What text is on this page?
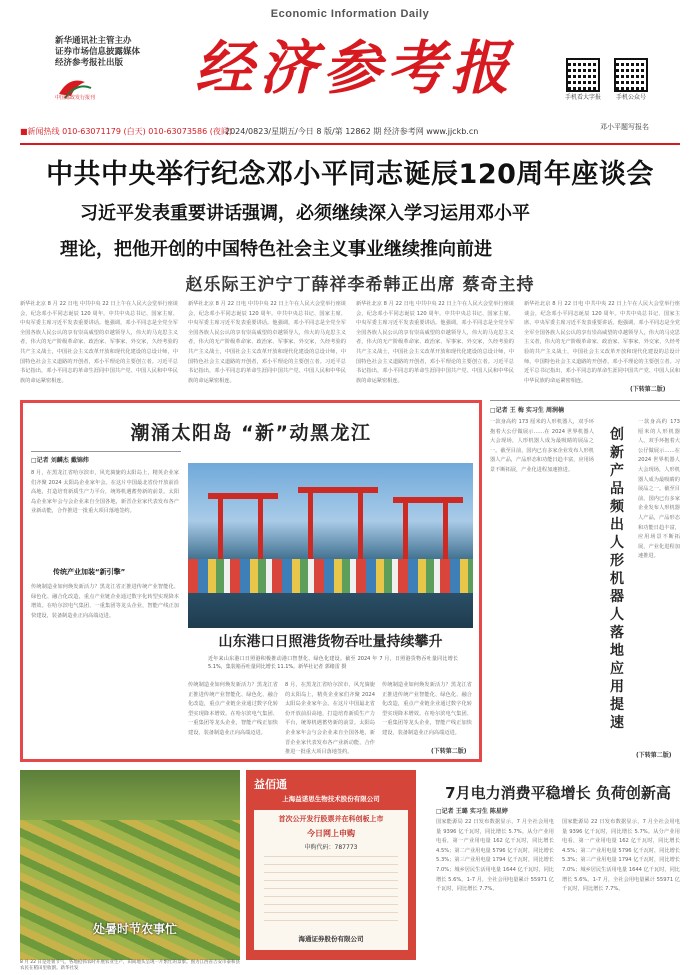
Economic Information Daily
经济参考报
新华通讯社主管主办
证券市场信息披露媒体
经济参考报社出版
中国邮政发行报刊	手机看大字报	手机公众号
邓小平题写报名
■新闻热线 010-63071179 (白天) 010-63073586 (夜间)
2024/0823/星期五/今日 8 版/第 12862 期 经济参考网 www.jjckb.cn
中共中央举行纪念邓小平同志诞辰120周年座谈会
习近平发表重要讲话强调，必须继续深入学习运用邓小平
理论，把他开创的中国特色社会主义事业继续推向前进
赵乐际王沪宁丁薛祥李希韩正出席 蔡奇主持
新华社北京 8 月 22 日电 中共中央 22 日上午在人民大会堂举行座谈会，纪念邓小平同志诞辰 120 周年。中共中央总书记、国家主席、中央军委主席习近平发表重要讲话。他强调，邓小平同志是全党全军全国各族人民公认的享有崇高威望的卓越领导人，伟大的马克思主义者，伟大的无产阶级革命家、政治家、军事家、外交家，久经考验的共产主义战士，中国社会主义改革开放和现代化建设的总设计师，中国特色社会主义道路的开创者，邓小平理论的主要创立者。习近平总书记指出，邓小平同志的革命生涯同中国共产党、中国人民和中华民族的命运紧密相连。
新华社北京 8 月 22 日电 中共中央 22 日上午在人民大会堂举行座谈会，纪念邓小平同志诞辰 120 周年。中共中央总书记、国家主席、中央军委主席习近平发表重要讲话。他强调，邓小平同志是全党全军全国各族人民公认的享有崇高威望的卓越领导人，伟大的马克思主义者，伟大的无产阶级革命家、政治家、军事家、外交家，久经考验的共产主义战士，中国社会主义改革开放和现代化建设的总设计师，中国特色社会主义道路的开创者，邓小平理论的主要创立者。习近平总书记指出，邓小平同志的革命生涯同中国共产党、中国人民和中华民族的命运紧密相连。
新华社北京 8 月 22 日电 中共中央 22 日上午在人民大会堂举行座谈会，纪念邓小平同志诞辰 120 周年。中共中央总书记、国家主席、中央军委主席习近平发表重要讲话。他强调，邓小平同志是全党全军全国各族人民公认的享有崇高威望的卓越领导人，伟大的马克思主义者，伟大的无产阶级革命家、政治家、军事家、外交家，久经考验的共产主义战士，中国社会主义改革开放和现代化建设的总设计师，中国特色社会主义道路的开创者，邓小平理论的主要创立者。习近平总书记指出，邓小平同志的革命生涯同中国共产党、中国人民和中华民族的命运紧密相连。
新华社北京 8 月 22 日电 中共中央 22 日上午在人民大会堂举行座谈会，纪念邓小平同志诞辰 120 周年。中共中央总书记、国家主席、中央军委主席习近平发表重要讲话。他强调，邓小平同志是全党全军全国各族人民公认的享有崇高威望的卓越领导人，伟大的马克思主义者，伟大的无产阶级革命家、政治家、军事家、外交家，久经考验的共产主义战士，中国社会主义改革开放和现代化建设的总设计师，中国特色社会主义道路的开创者，邓小平理论的主要创立者。习近平总书记指出，邓小平同志的革命生涯同中国共产党、中国人民和中华民族的命运紧密相连。
(下转第二版)
潮涌太阳岛 “新”动黑龙江
□记者 刘麟杰 戴锦炜
8 月，在黑龙江省哈尔滨市，风光旖旎的太阳岛上，精英企业家们齐聚 2024 太阳岛企业家年会。在这片中国最北省份开放前沿高地，打造培育新质生产力平台，统筹机遇蓄势新的前景。太阳岛企业家年会与会企业来自全国各地，新晋企业家代表发布各产业新动能，合作推进一批重大项目落地签约。
传统产业加装“新引擎”
传统制造业如何焕发新活力？黑龙江省正推进传统产业智能化、绿色化、融合化改造，重点产业链企业通过数字化转型实现降本增效。在哈尔滨电气集团、一重集团等龙头企业，智能产线正加快建设，装备制造业正向高端迈进。
山东港口日照港货物吞吐量持续攀升
近年来山东港口日照港积极推动港口智慧化、绿色化建设。截至 2024 年 7 月，日照港货物吞吐量同比增长 5.1%，集装箱吞吐量同比增长 11.1%。新华社记者 郭绪雷 摄
传统制造业如何焕发新活力？黑龙江省正推进传统产业智能化、绿色化、融合化改造，重点产业链企业通过数字化转型实现降本增效。在哈尔滨电气集团、一重集团等龙头企业，智能产线正加快建设，装备制造业正向高端迈进。
8 月，在黑龙江省哈尔滨市，风光旖旎的太阳岛上，精英企业家们齐聚 2024 太阳岛企业家年会。在这片中国最北省份开放前沿高地，打造培育新质生产力平台，统筹机遇蓄势新的前景。太阳岛企业家年会与会企业来自全国各地，新晋企业家代表发布各产业新动能，合作推进一批重大项目落地签约。
传统制造业如何焕发新活力？黑龙江省正推进传统产业智能化、绿色化、融合化改造，重点产业链企业通过数字化转型实现降本增效。在哈尔滨电气集团、一重集团等龙头企业，智能产线正加快建设，装备制造业正向高端迈进。
(下转第二版)
□记者 王 梅 实习生 周润楠
一款身高约 173 厘米的人形机器人，双手环抱着大公仔做展示……在 2024 世界机器人大会现场，人形机器人成为最吸睛的展品之一。截至目前，国内已有多家企业发布人形机器人产品，产品形态和功能日趋丰富，应用场景不断拓展，产业化进程加速推进。
创新产品频出 人形机器人落地应用提速
一款身高约 173 厘米的人形机器人，双手环抱着大公仔做展示……在 2024 世界机器人大会现场，人形机器人成为最吸睛的展品之一。截至目前，国内已有多家企业发布人形机器人产品，产品形态和功能日趋丰富，应用场景不断拓展，产业化进程加速推进。
(下转第二版)
处暑时节农事忙
8 月 22 日是处暑节气，各地抢抓农时开展农业生产，田间地头呈现一片繁忙的景象。图为江西省吉安市泰和县农民在稻田里收割。新华社发
益佰通
上海益诺思生物技术股份有限公司
首次公开发行股票并在科创板上市
今日网上申购
申购代码：787773
海通证券股份有限公司
7月电力消费平稳增长 负荷创新高
□记者 王璐 实习生 陈星婷
国家能源局 22 日发布数据显示，7 月全社会用电量 9396 亿千瓦时，同比增长 5.7%。从分产业用电看，第一产业用电量 162 亿千瓦时，同比增长 4.5%；第二产业用电量 5796 亿千瓦时，同比增长 5.3%；第三产业用电量 1794 亿千瓦时，同比增长 7.0%；城乡居民生活用电量 1644 亿千瓦时，同比增长 5.6%。1-7 月，全社会用电量累计 55971 亿千瓦时，同比增长 7.7%。
国家能源局 22 日发布数据显示，7 月全社会用电量 9396 亿千瓦时，同比增长 5.7%。从分产业用电看，第一产业用电量 162 亿千瓦时，同比增长 4.5%；第二产业用电量 5796 亿千瓦时，同比增长 5.3%；第三产业用电量 1794 亿千瓦时，同比增长 7.0%；城乡居民生活用电量 1644 亿千瓦时，同比增长 5.6%。1-7 月，全社会用电量累计 55971 亿千瓦时，同比增长 7.7%。
